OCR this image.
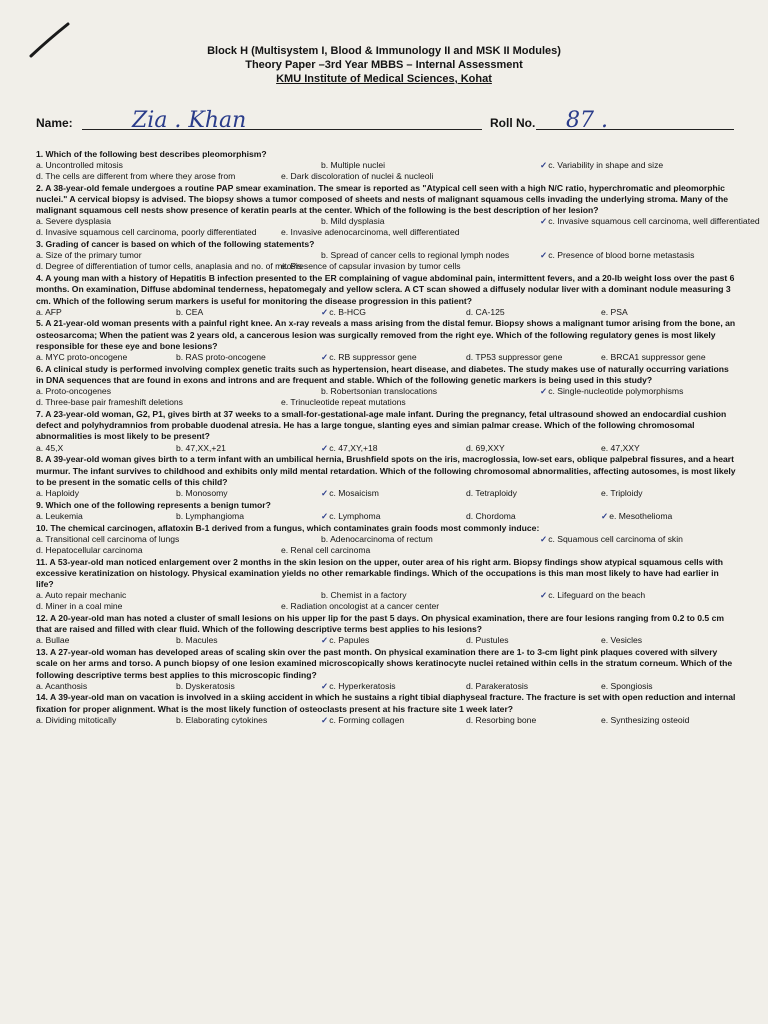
Block H (Multisystem I, Blood & Immunology II and MSK II Modules)
Theory Paper –3rd Year MBBS – Internal Assessment
KMU Institute of Medical Sciences, Kohat
Name:	Zia . Khan	Roll No. 87 .
1. Which of the following best describes pleomorphism?
a. Uncontrolled mitosis	b. Multiple nuclei	✓c. Variability in shape and size
d. The cells are different from where they arose from	e. Dark discoloration of nuclei & nucleoli
2. A 38-year-old female undergoes a routine PAP smear examination. The smear is reported as "Atypical cell seen with a high N/C ratio, hyperchromatic and pleomorphic nuclei." A cervical biopsy is advised. The biopsy shows a tumor composed of sheets and nests of malignant squamous cells invading the underlying stroma. Many of the malignant squamous cell nests show presence of keratin pearls at the center. Which of the following is the best description of her lesion?
a. Severe dysplasia	b. Mild dysplasia	✓c. Invasive squamous cell carcinoma, well differentiated
d. Invasive squamous cell carcinoma, poorly differentiated	e. Invasive adenocarcinoma, well differentiated
3. Grading of cancer is based on which of the following statements?
a. Size of the primary tumor	b. Spread of cancer cells to regional lymph nodes	✓c. Presence of blood borne metastasis
d. Degree of differentiation of tumor cells, anaplasia and no. of mitosis
e. Presence of capsular invasion by tumor cells
4. A young man with a history of Hepatitis B infection presented to the ER complaining of vague abdominal pain, intermittent fevers, and a 20-lb weight loss over the past 6 months. On examination, Diffuse abdominal tenderness, hepatomegaly and yellow sclera. A CT scan showed a diffusely nodular liver with a dominant nodule measuring 3 cm. Which of the following serum markers is useful for monitoring the disease progression in this patient?
a. AFP	b. CEA	✓c. B-HCG	d. CA-125	e. PSA
5. A 21-year-old woman presents with a painful right knee. An x-ray reveals a mass arising from the distal femur. Biopsy shows a malignant tumor arising from the bone, an osteosarcoma; When the patient was 2 years old, a cancerous lesion was surgically removed from the right eye. Which of the following regulatory genes is most likely responsible for these eye and bone lesions?
a. MYC proto-oncogene	b. RAS proto-oncogene	✓c. RB suppressor gene	d. TP53 suppressor gene	e. BRCA1 suppressor gene
6. A clinical study is performed involving complex genetic traits such as hypertension, heart disease, and diabetes. The study makes use of naturally occurring variations in DNA sequences that are found in exons and introns and are frequent and stable. Which of the following genetic markers is being used in this study?
a. Proto-oncogenes	b. Robertsonian translocations	✓c. Single-nucleotide polymorphisms
d. Three-base pair frameshift deletions	e. Trinucleotide repeat mutations
7. A 23-year-old woman, G2, P1, gives birth at 37 weeks to a small-for-gestational-age male infant. During the pregnancy, fetal ultrasound showed an endocardial cushion defect and polyhydramnios from probable duodenal atresia. He has a large tongue, slanting eyes and simian palmar crease. Which of the following chromosomal abnormalities is most likely to be present?
a. 45,X	b. 47,XX,+21	✓c. 47,XY,+18	d. 69,XXY	e. 47,XXY
8. A 39-year-old woman gives birth to a term infant with an umbilical hernia, Brushfield spots on the iris, macroglossia, low-set ears, oblique palpebral fissures, and a heart murmur. The infant survives to childhood and exhibits only mild mental retardation. Which of the following chromosomal abnormalities, affecting autosomes, is most likely to be present in the somatic cells of this child?
a. Haploidy	b. Monosomy	✓c. Mosaicism	d. Tetraploidy	e. Triploidy
9. Which one of the following represents a benign tumor?
a. Leukemia	b. Lymphangioma	✓c. Lymphoma	d. Chordoma	✓e. Mesothelioma
10. The chemical carcinogen, aflatoxin B-1 derived from a fungus, which contaminates grain foods most commonly induce:
a. Transitional cell carcinoma of lungs	b. Adenocarcinoma of rectum	✓c. Squamous cell carcinoma of skin
d. Hepatocellular carcinoma	e. Renal cell carcinoma
11. A 53-year-old man noticed enlargement over 2 months in the skin lesion on the upper, outer area of his right arm. Biopsy findings show atypical squamous cells with excessive keratinization on histology. Physical examination yields no other remarkable findings. Which of the occupations is this man most likely to have had earlier in life?
a. Auto repair mechanic	b. Chemist in a factory	✓c. Lifeguard on the beach
d. Miner in a coal mine	e. Radiation oncologist at a cancer center
12. A 20-year-old man has noted a cluster of small lesions on his upper lip for the past 5 days. On physical examination, there are four lesions ranging from 0.2 to 0.5 cm that are raised and filled with clear fluid. Which of the following descriptive terms best applies to his lesions?
a. Bullae	b. Macules	✓c. Papules	d. Pustules	e. Vesicles
13. A 27-year-old woman has developed areas of scaling skin over the past month. On physical examination there are 1- to 3-cm light pink plaques covered with silvery scale on her arms and torso. A punch biopsy of one lesion examined microscopically shows keratinocyte nuclei retained within cells in the stratum corneum. Which of the following descriptive terms best applies to this microscopic finding?
a. Acanthosis	b. Dyskeratosis	✓c. Hyperkeratosis	d. Parakeratosis	e. Spongiosis
14. A 39-year-old man on vacation is involved in a skiing accident in which he sustains a right tibial diaphyseal fracture. The fracture is set with open reduction and internal fixation for proper alignment. What is the most likely function of osteoclasts present at his fracture site 1 week later?
a. Dividing mitotically	b. Elaborating cytokines	✓c. Forming collagen	d. Resorbing bone	e. Synthesizing osteoid
